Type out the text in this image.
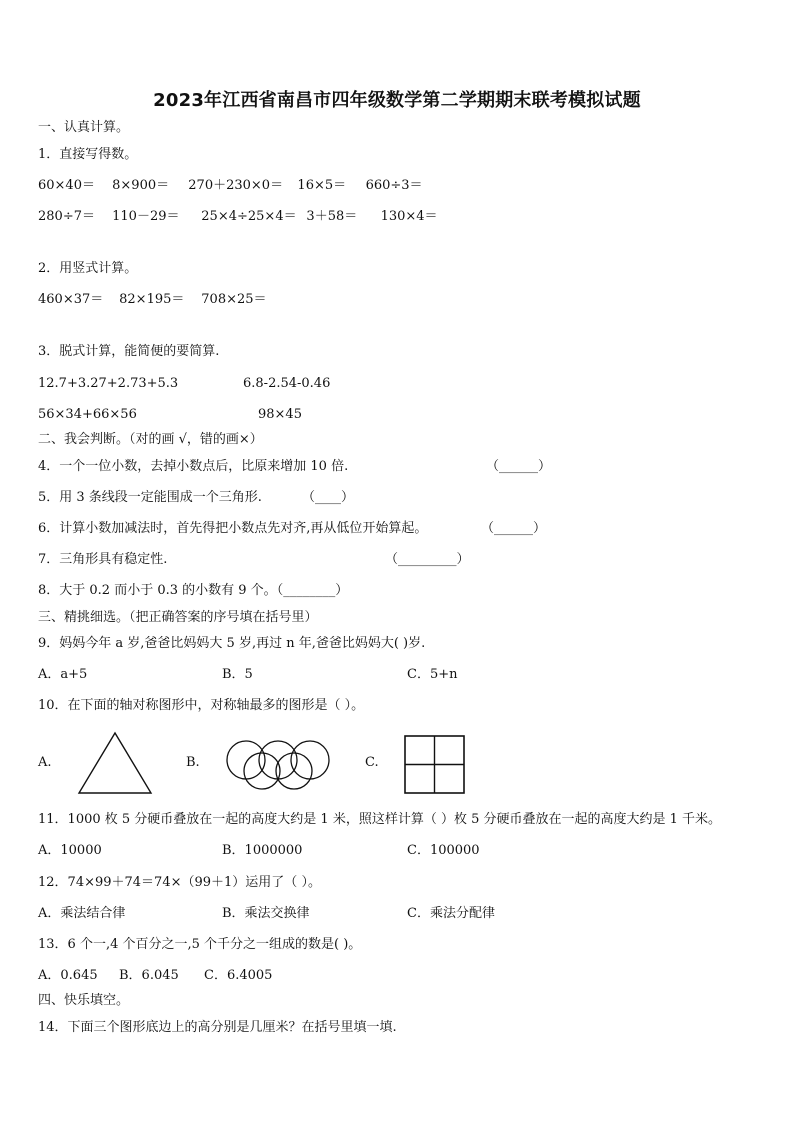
2023年江西省南昌市四年级数学第二学期期末联考模拟试题
一、认真计算。
1．直接写得数。
60×40＝ 8×900＝ 270＋230×0＝ 16×5＝ 660÷3＝
280÷7＝ 110－29＝ 25×4÷25×4＝ 3＋58＝ 130×4＝
2．用竖式计算。
460×37＝ 82×195＝ 708×25＝
3．脱式计算，能简便的要简算.
12.7+3.27+2.73+5.3	6.8-2.54-0.46
56×34+66×56	98×45
二、我会判断。（对的画 √，错的画×）
4．一个一位小数，去掉小数点后，比原来增加 10 倍.	（______）
5．用 3 条线段一定能围成一个三角形.	（____）
6．计算小数加减法时，首先得把小数点先对齐,再从低位开始算起。	（______）
7．三角形具有稳定性.	（_________）
8．大于 0.2 而小于 0.3 的小数有 9 个。（________）
三、精挑细选。（把正确答案的序号填在括号里）
9．妈妈今年 a 岁,爸爸比妈妈大 5 岁,再过 n 年,爸爸比妈妈大( )岁.
A．a+5	B．5	C．5+n
10．在下面的轴对称图形中，对称轴最多的图形是（ ）。
A.	B.	C.
11．1000 枚 5 分硬币叠放在一起的高度大约是 1 米，照这样计算（ ）枚 5 分硬币叠放在一起的高度大约是 1 千米。
A．10000	B．1000000	C．100000
12．74×99＋74＝74×（99＋1）运用了（ ）。
A．乘法结合律	B．乘法交换律	C．乘法分配律
13．6 个一,4 个百分之一,5 个千分之一组成的数是( )。
A．0.645 B．6.045 C．6.4005
四、快乐填空。
14．下面三个图形底边上的高分别是几厘米？在括号里填一填.
